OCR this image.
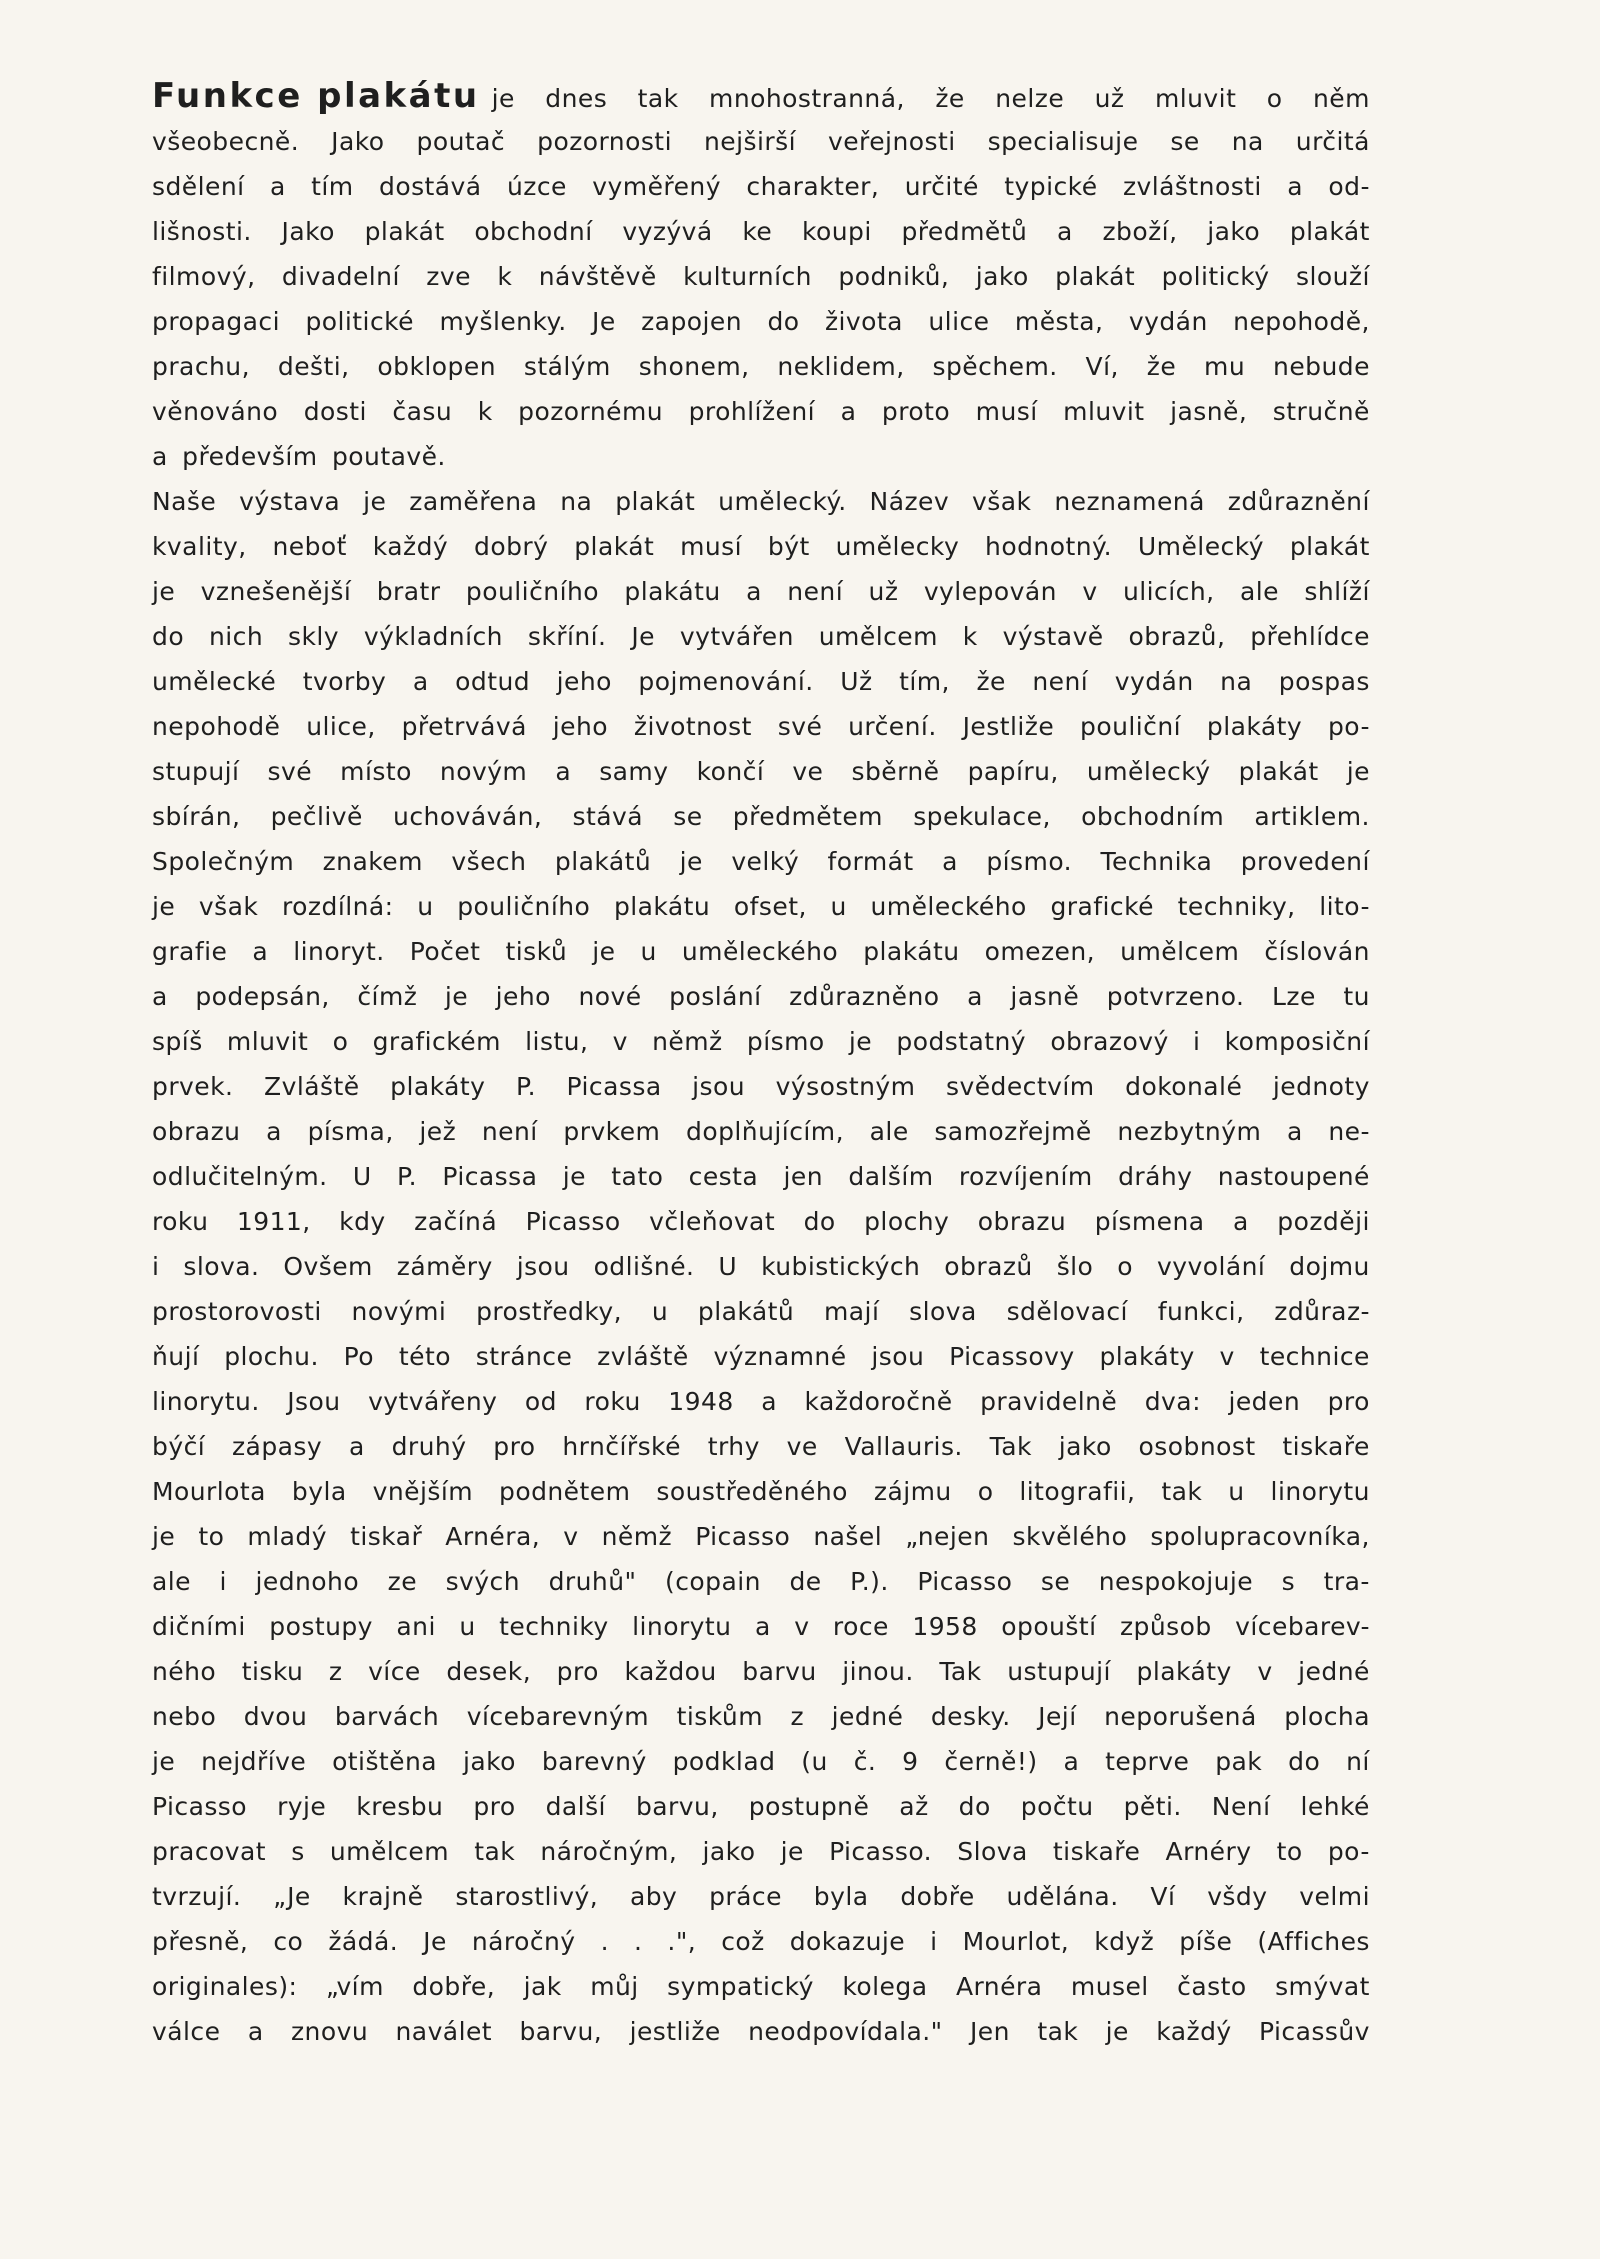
Funkce plakátu je dnes tak mnohostranná, že nelze už mluvit o něm
všeobecně. Jako poutač pozornosti nejširší veřejnosti specialisuje se na určitá
sdělení a tím dostává úzce vyměřený charakter, určité typické zvláštnosti a od-
lišnosti. Jako plakát obchodní vyzývá ke koupi předmětů a zboží, jako plakát
filmový, divadelní zve k návštěvě kulturních podniků, jako plakát politický slouží
propagaci politické myšlenky. Je zapojen do života ulice města, vydán nepohodě,
prachu, dešti, obklopen stálým shonem, neklidem, spěchem. Ví, že mu nebude
věnováno dosti času k pozornému prohlížení a proto musí mluvit jasně, stručně
a především poutavě.
Naše výstava je zaměřena na plakát umělecký. Název však neznamená zdůraznění
kvality, neboť každý dobrý plakát musí být umělecky hodnotný. Umělecký plakát
je vznešenější bratr pouličního plakátu a není už vylepován v ulicích, ale shlíží
do nich skly výkladních skříní. Je vytvářen umělcem k výstavě obrazů, přehlídce
umělecké tvorby a odtud jeho pojmenování. Už tím, že není vydán na pospas
nepohodě ulice, přetrvává jeho životnost své určení. Jestliže pouliční plakáty po-
stupují své místo novým a samy končí ve sběrně papíru, umělecký plakát je
sbírán, pečlivě uchováván, stává se předmětem spekulace, obchodním artiklem.
Společným znakem všech plakátů je velký formát a písmo. Technika provedení
je však rozdílná: u pouličního plakátu ofset, u uměleckého grafické techniky, lito-
grafie a linoryt. Počet tisků je u uměleckého plakátu omezen, umělcem číslován
a podepsán, čímž je jeho nové poslání zdůrazněno a jasně potvrzeno. Lze tu
spíš mluvit o grafickém listu, v němž písmo je podstatný obrazový i komposiční
prvek. Zvláště plakáty P. Picassa jsou výsostným svědectvím dokonalé jednoty
obrazu a písma, jež není prvkem doplňujícím, ale samozřejmě nezbytným a ne-
odlučitelným. U P. Picassa je tato cesta jen dalším rozvíjením dráhy nastoupené
roku 1911, kdy začíná Picasso včleňovat do plochy obrazu písmena a později
i slova. Ovšem záměry jsou odlišné. U kubistických obrazů šlo o vyvolání dojmu
prostorovosti novými prostředky, u plakátů mají slova sdělovací funkci, zdůraz-
ňují plochu. Po této stránce zvláště významné jsou Picassovy plakáty v technice
linorytu. Jsou vytvářeny od roku 1948 a každoročně pravidelně dva: jeden pro
býčí zápasy a druhý pro hrnčířské trhy ve Vallauris. Tak jako osobnost tiskaře
Mourlota byla vnějším podnětem soustředěného zájmu o litografii, tak u linorytu
je to mladý tiskař Arnéra, v němž Picasso našel „nejen skvělého spolupracovníka,
ale i jednoho ze svých druhů" (copain de P.). Picasso se nespokojuje s tra-
dičními postupy ani u techniky linorytu a v roce 1958 opouští způsob vícebarev-
ného tisku z více desek, pro každou barvu jinou. Tak ustupují plakáty v jedné
nebo dvou barvách vícebarevným tiskům z jedné desky. Její neporušená plocha
je nejdříve otištěna jako barevný podklad (u č. 9 černě!) a teprve pak do ní
Picasso ryje kresbu pro další barvu, postupně až do počtu pěti. Není lehké
pracovat s umělcem tak náročným, jako je Picasso. Slova tiskaře Arnéry to po-
tvrzují. „Je krajně starostlivý, aby práce byla dobře udělána. Ví všdy velmi
přesně, co žádá. Je náročný . . .", což dokazuje i Mourlot, když píše (Affiches
originales): „vím dobře, jak můj sympatický kolega Arnéra musel často smývat
válce a znovu naválet barvu, jestliže neodpovídala." Jen tak je každý Picassův
